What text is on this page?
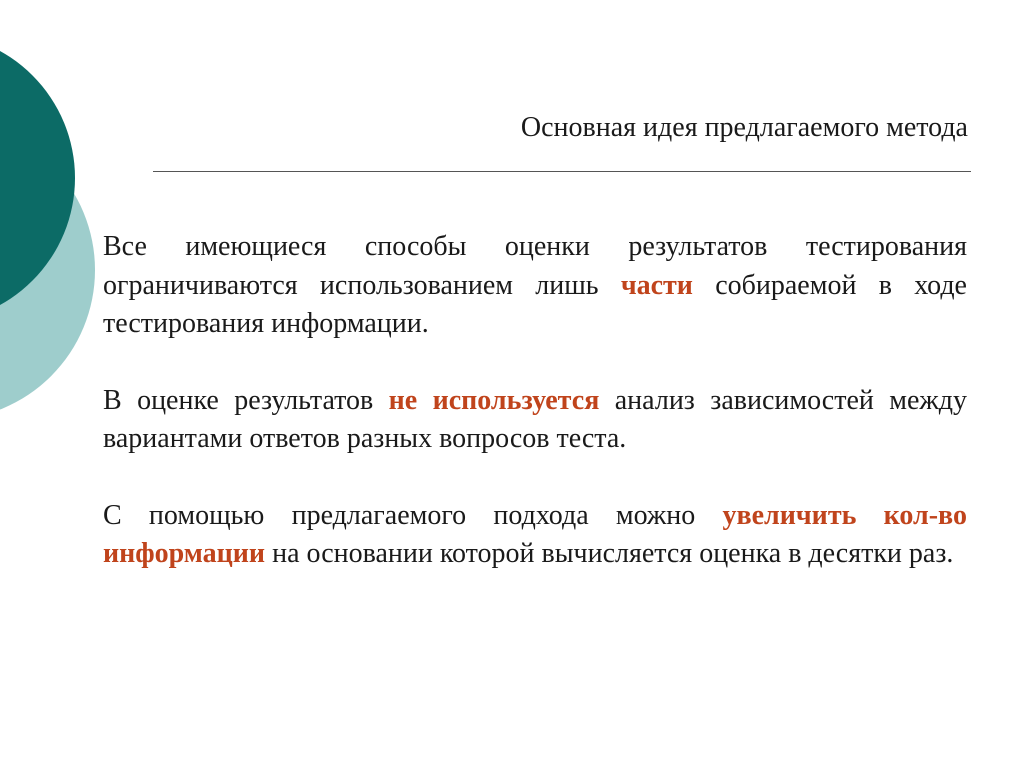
Основная идея предлагаемого метода

Все имеющиеся способы оценки результатов тестирования ограничиваются использованием лишь части собираемой в ходе тестирования информации.

В оценке результатов не используется анализ зависимостей между вариантами ответов разных вопросов теста.

С помощью предлагаемого подхода можно увеличить кол-во информации на основании которой вычисляется оценка в десятки раз.
